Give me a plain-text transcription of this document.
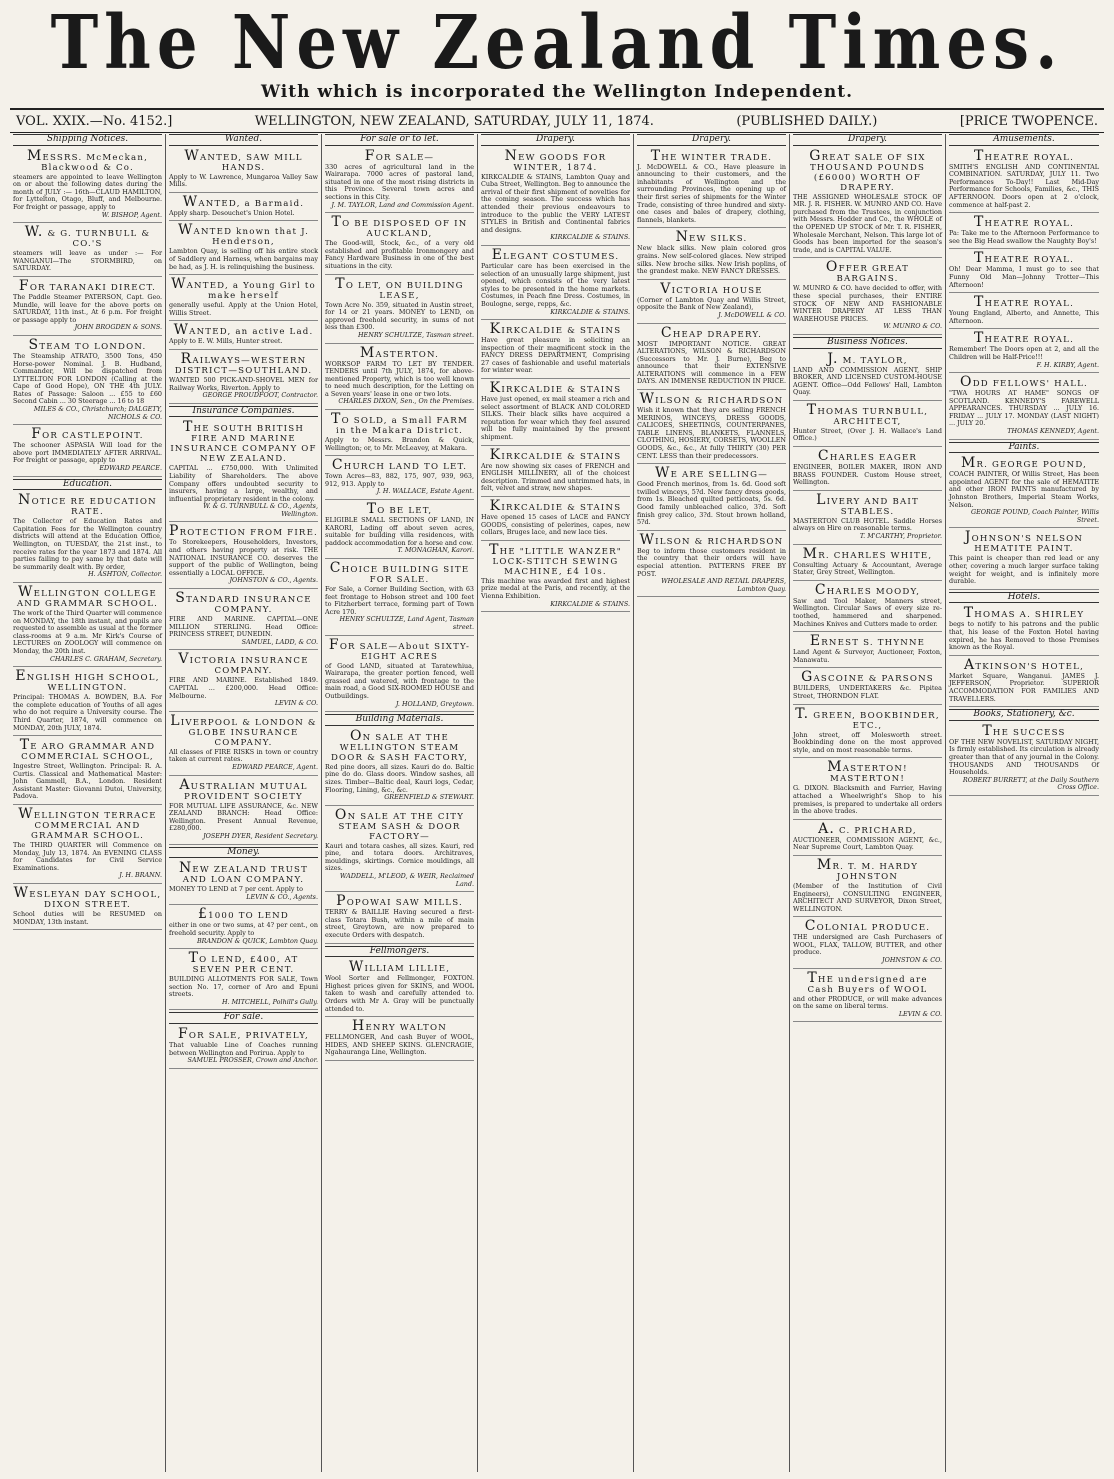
The New Zealand Times.
With which is incorporated the Wellington Independent.
VOL. XXIX.—No. 4152.]	WELLINGTON, NEW ZEALAND, SATURDAY, JULY 11, 1874.	(PUBLISHED DAILY.)	[PRICE TWOPENCE.
Shipping Notices.
MESSRS. McMeckan, Blackwood & Co.
steamers are appointed to leave Wellington on or about the following dates during the month of JULY :— 16th—CLAUD HAMILTON, for Lyttelton, Otago, Bluff, and Melbourne. For freight or passage, apply to
W. BISHOP, Agent.
W. & G. TURNBULL & CO.'S
steamers will leave as under :— For WANGANUI—The STORMBIRD, on SATURDAY.
FOR TARANAKI DIRECT.
The Paddle Steamer PATERSON, Capt. Geo. Mundle, will leave for the above ports on SATURDAY, 11th inst., At 6 p.m. For freight or passage apply to
JOHN BROGDEN & SONS.
STEAM TO LONDON.
The Steamship ATRATO, 3500 Tons, 450 Horse-power Nominal. J. B. Hudband, Commander, Will be dispatched from LYTTELTON FOR LONDON (Calling at the Cape of Good Hope), ON THE 4th JULY. Rates of Passage: Saloon ... £55 to £60 Second Cabin ... 30 Steerage ... 16 to 18
MILES & CO., Christchurch; DALGETY, NICHOLS & CO.
FOR CASTLEPOINT.
The schooner ASPASIA Will load for the above port IMMEDIATELY AFTER ARRIVAL. For freight or passage, apply to
EDWARD PEARCE.
Education.
NOTICE RE EDUCATION RATE.
The Collector of Education Rates and Capitation Fees for the Wellington country districts will attend at the Education Office, Wellington, on TUESDAY, the 21st inst., to receive rates for the year 1873 and 1874. All parties failing to pay same by that date will be summarily dealt with. By order,
H. ASHTON, Collector.
WELLINGTON COLLEGE AND GRAMMAR SCHOOL.
The work of the Third Quarter will commence on MONDAY, the 18th instant, and pupils are requested to assemble as usual at the former class-rooms at 9 a.m. Mr Kirk's Course of LECTURES on ZOOLOGY will commence on Monday, the 20th inst.
CHARLES C. GRAHAM, Secretary.
ENGLISH HIGH SCHOOL, WELLINGTON.
Principal: THOMAS A. BOWDEN, B.A. For the complete education of Youths of all ages who do not require a University course. The Third Quarter, 1874, will commence on MONDAY, 20th JULY, 1874.
TE ARO GRAMMAR AND COMMERCIAL SCHOOL,
Ingestre Street, Wellington. Principal: R. A. Curtis. Classical and Mathematical Master: John Gammell, B.A., London. Resident Assistant Master: Giovanni Dutoi, University, Padova.
WELLINGTON TERRACE COMMERCIAL AND GRAMMAR SCHOOL.
The THIRD QUARTER will Commence on Monday, July 13, 1874. An EVENING CLASS for Candidates for Civil Service Examinations.
J. H. BRANN.
WESLEYAN DAY SCHOOL, DIXON STREET.
School duties will be RESUMED on MONDAY, 13th instant.
Wanted.
WANTED, SAW MILL HANDS.
Apply to W. Lawrence, Mungaroa Valley Saw Mills.
WANTED, a Barmaid.
Apply sharp. Desouchet's Union Hotel.
WANTED known that J. Henderson,
Lambton Quay, is selling off his entire stock of Saddlery and Harness, when bargains may be had, as J. H. is relinquishing the business.
WANTED, a Young Girl to make herself
generally useful. Apply at the Union Hotel, Willis Street.
WANTED, an active Lad.
Apply to E. W. Mills, Hunter street.
RAILWAYS—WESTERN DISTRICT—SOUTHLAND.
WANTED 500 PICK-AND-SHOVEL MEN for Railway Works, Riverton. Apply to
GEORGE PROUDFOOT, Contractor.
Insurance Companies.
THE SOUTH BRITISH FIRE AND MARINE INSURANCE COMPANY OF NEW ZEALAND.
CAPITAL ... £750,000. With Unlimited Liability of Shareholders. The above Company offers undoubted security to insurers, having a large, wealthy, and influential proprietary resident in the colony.
W. & G. TURNBULL & CO., Agents, Wellington.
PROTECTION FROM FIRE.
To Storekeepers, Householders, Investors, and others having property at risk. THE NATIONAL INSURANCE CO. deserves the support of the public of Wellington, being essentially a LOCAL OFFICE.
JOHNSTON & CO., Agents.
STANDARD INSURANCE COMPANY.
FIRE AND MARINE. CAPITAL—ONE MILLION STERLING. Head Office: PRINCESS STREET, DUNEDIN.
SAMUEL, LADD, & CO.
VICTORIA INSURANCE COMPANY.
FIRE AND MARINE. Established 1849. CAPITAL ... £200,000. Head Office: Melbourne.
LEVIN & CO.
LIVERPOOL & LONDON & GLOBE INSURANCE COMPANY.
All classes of FIRE RISKS in town or country taken at current rates.
EDWARD PEARCE, Agent.
AUSTRALIAN MUTUAL PROVIDENT SOCIETY
FOR MUTUAL LIFE ASSURANCE, &c. NEW ZEALAND BRANCH: Head Office: Wellington. Present Annual Revenue, £280,000.
JOSEPH DYER, Resident Secretary.
Money.
NEW ZEALAND TRUST AND LOAN COMPANY.
MONEY TO LEND at 7 per cent. Apply to
LEVIN & CO., Agents.
£1000 TO LEND
either in one or two sums, at 4? per cent., on freehold security. Apply to
BRANDON & QUICK, Lambton Quay.
TO LEND, £400, AT SEVEN PER CENT.
BUILDING ALLOTMENTS FOR SALE, Town section No. 17, corner of Aro and Epuni streets.
H. MITCHELL, Polhill's Gully.
For sale.
FOR SALE, PRIVATELY,
That valuable Line of Coaches running between Wellington and Porirua. Apply to
SAMUEL PROSSER, Crown and Anchor.
For sale or to let.
FOR SALE—
330 acres of agricultural land in the Wairarapa. 7000 acres of pastoral land, situated in one of the most rising districts in this Province. Several town acres and sections in this City.
J. M. TAYLOR, Land and Commission Agent.
TO BE DISPOSED OF IN AUCKLAND,
The Good-will, Stock, &c., of a very old established and profitable Ironmongery and Fancy Hardware Business in one of the best situations in the city.
TO LET, ON BUILDING LEASE,
Town Acre No. 359, situated in Austin street, for 14 or 21 years. MONEY to LEND, on approved freehold security, in sums of not less than £300.
HENRY SCHULTZE, Tasman street.
MASTERTON.
WORKSOP FARM TO LET BY TENDER. TENDERS until 7th JULY, 1874, for above-mentioned Property, which is too well known to need much description, for the Letting on a Seven years' lease in one or two lots.
CHARLES DIXON, Sen., On the Premises.
TO SOLD, a Small FARM in the Makara District.
Apply to Messrs. Brandon & Quick, Wellington; or, to Mr. McLeavey, at Makara.
CHURCH LAND TO LET.
Town Acres—83, 882, 175, 907, 939, 963, 912, 913. Apply to
J. H. WALLACE, Estate Agent.
TO BE LET,
ELIGIBLE SMALL SECTIONS OF LAND, IN KARORI, Lading off about seven acres, suitable for building villa residences, with paddock accommodation for a horse and cow.
T. MONAGHAN, Karori.
CHOICE BUILDING SITE FOR SALE.
For Sale, a Corner Building Section, with 63 feet frontage to Hobson street and 100 feet to Fitzherbert terrace, forming part of Town Acre 170.
HENRY SCHULTZE, Land Agent, Tasman street.
FOR SALE—About SIXTY-EIGHT ACRES
of Good LAND, situated at Taratewhiua, Wairarapa, the greater portion fenced, well grassed and watered, with frontage to the main road, a Good SIX-ROOMED HOUSE and Outbuildings.
J. HOLLAND, Greytown.
Building Materials.
ON SALE AT THE WELLINGTON STEAM DOOR & SASH FACTORY,
Red pine doors, all sizes. Kauri do do. Baltic pine do do. Glass doors. Window sashes, all sizes. Timber—Baltic deal, Kauri logs, Cedar, Flooring, Lining, &c., &c.
GREENFIELD & STEWART.
ON SALE AT THE CITY STEAM SASH & DOOR FACTORY—
Kauri and totara cashes, all sizes. Kauri, red pine, and totara doors. Architraves, mouldings, skirtings. Cornice mouldings, all sizes.
WADDELL, M'LEOD, & WEIR, Reclaimed Land.
POPOWAI SAW MILLS.
TERRY & BAILLIE Having secured a first-class Totara Bush, within a mile of main street, Greytown, are now prepared to execute Orders with despatch.
Fellmongers.
WILLIAM LILLIE,
Wool Sorter and Fellmonger, FOXTON. Highest prices given for SKINS, and WOOL taken to wash and carefully attended to. Orders with Mr A. Gray will be punctually attended to.
HENRY WALTON
FELLMONGER, And cash Buyer of WOOL, HIDES, AND SHEEP SKINS. GLENCRAGIE, Ngahauranga Line, Wellington.
Drapery.
NEW GOODS FOR WINTER, 1874.
KIRKCALDIE & STAINS, Lambton Quay and Cuba Street, Wellington. Beg to announce the arrival of their first shipment of novelties for the coming season. The success which has attended their previous endeavours to introduce to the public the VERY LATEST STYLES in British and Continental fabrics and designs.
KIRKCALDIE & STAINS.
ELEGANT COSTUMES.
Particular care has been exercised in the selection of an unusually large shipment, just opened, which consists of the very latest styles to be presented in the home markets. Costumes, in Peach fine Dress. Costumes, in Boulogne, serge, repps, &c.
KIRKCALDIE & STAINS.
KIRKCALDIE & STAINS
Have great pleasure in soliciting an inspection of their magnificent stock in the FANCY DRESS DEPARTMENT, Comprising 27 cases of fashionable and useful materials for winter wear.
KIRKCALDIE & STAINS
Have just opened, ex mail steamer a rich and select assortment of BLACK AND COLORED SILKS. Their black silks have acquired a reputation for wear which they feel assured will be fully maintained by the present shipment.
KIRKCALDIE & STAINS
Are now showing six cases of FRENCH and ENGLISH MILLINERY, all of the choicest description. Trimmed and untrimmed hats, in felt, velvet and straw, new shapes.
KIRKCALDIE & STAINS
Have opened 15 cases of LACE and FANCY GOODS, consisting of pelerines, capes, new collars, Bruges lace, and new lace ties.
THE "LITTLE WANZER" LOCK-STITCH SEWING MACHINE, £4 10s.
This machine was awarded first and highest prize medal at the Paris, and recently, at the Vienna Exhibition.
KIRKCALDIE & STAINS.
Drapery.
THE WINTER TRADE.
J. McDOWELL & CO., Have pleasure in announcing to their customers, and the inhabitants of Wellington and the surrounding Provinces, the opening up of their first series of shipments for the Winter Trade, consisting of three hundred and sixty-one cases and bales of drapery, clothing, flannels, blankets.
NEW SILKS.
New black silks. New plain colored gros grains. New self-colored glaces. New striped silks. New broche silks. New Irish poplins, of the grandest make. NEW FANCY DRESSES.
VICTORIA HOUSE
(Corner of Lambton Quay and Willis Street, opposite the Bank of New Zealand),
J. McDOWELL & CO.
CHEAP DRAPERY.
MOST IMPORTANT NOTICE. GREAT ALTERATIONS, WILSON & RICHARDSON (Successors to Mr. J. Burne), Beg to announce that their EXTENSIVE ALTERATIONS will commence in a FEW DAYS. AN IMMENSE REDUCTION IN PRICE.
WILSON & RICHARDSON
Wish it known that they are selling FRENCH MERINOS, WINCEYS, DRESS GOODS, CALICOES, SHEETINGS, COUNTERPANES, TABLE LINENS, BLANKETS, FLANNELS, CLOTHING, HOSIERY, CORSETS, WOOLLEN GOODS, &c., &c., At fully THIRTY (30) PER CENT. LESS than their predecessors.
WE ARE SELLING—
Good French merinos, from 1s. 6d. Good soft twilled winceys, 5?d. New fancy dress goods, from 1s. Bleached quilted petticoats, 5s. 6d. Good family unbleached calico, 3?d. Soft finish grey calico, 3?d. Stout brown holland, 5?d.
WILSON & RICHARDSON
Beg to inform those customers resident in the country that their orders will have especial attention. PATTERNS FREE BY POST.
WHOLESALE AND RETAIL DRAPERS, Lambton Quay.
Drapery.
GREAT SALE OF SIX THOUSAND POUNDS (£6000) WORTH OF DRAPERY.
THE ASSIGNED WHOLESALE STOCK OF MR. J. R. FISHER. W. MUNRO AND CO. Have purchased from the Trustees, in conjunction with Messrs. Hodder and Co., the WHOLE of the OPENED UP STOCK of Mr. T. R. FISHER, Wholesale Merchant, Nelson. This large lot of Goods has been imported for the season's trade, and is CAPITAL VALUE.
OFFER GREAT BARGAINS.
W. MUNRO & CO. have decided to offer, with these special purchases, their ENTIRE STOCK OF NEW AND FASHIONABLE WINTER DRAPERY AT LESS THAN WAREHOUSE PRICES.
W. MUNRO & CO.
Business Notices.
J. M. TAYLOR,
LAND AND COMMISSION AGENT, SHIP BROKER, AND LICENSED CUSTOM-HOUSE AGENT. Office—Odd Fellows' Hall, Lambton Quay.
THOMAS TURNBULL, ARCHITECT,
Hunter Street, (Over J. H. Wallace's Land Office.)
CHARLES EAGER
ENGINEER, BOILER MAKER, IRON AND BRASS FOUNDER. Custom House street, Wellington.
LIVERY AND BAIT STABLES.
MASTERTON CLUB HOTEL. Saddle Horses always on Hire on reasonable terms.
T. M'CARTHY, Proprietor.
MR. CHARLES WHITE,
Consulting Actuary & Accountant, Average Stater, Grey Street, Wellington.
CHARLES MOODY,
Saw and Tool Maker, Manners street, Wellington. Circular Saws of every size re-toothed, hammered and sharpened. Machines Knives and Cutters made to order.
ERNEST S. THYNNE
Land Agent & Surveyor, Auctioneer, Foxton, Manawatu.
GASCOINE & PARSONS
BUILDERS, UNDERTAKERS &c. Pipitea Street, THORNDON FLAT.
T. GREEN, BOOKBINDER, ETC.,
John street, off Molesworth street. Bookbinding done on the most approved style, and on most reasonable terms.
MASTERTON! MASTERTON!
G. DIXON. Blacksmith and Farrier, Having attached a Wheelwright's Shop to his premises, is prepared to undertake all orders in the above trades.
A. C. PRICHARD,
AUCTIONEER, COMMISSION AGENT, &c., Near Supreme Court, Lambton Quay.
MR. T. M. HARDY JOHNSTON
(Member of the Institution of Civil Engineers), CONSULTING ENGINEER, ARCHITECT AND SURVEYOR, Dixon Street, WELLINGTON.
COLONIAL PRODUCE.
THE undersigned are Cash Purchasers of WOOL, FLAX, TALLOW, BUTTER, and other produce.
JOHNSTON & CO.
THE undersigned are Cash Buyers of WOOL
and other PRODUCE, or will make advances on the same on liberal terms.
LEVIN & CO.
Amusements.
THEATRE ROYAL.
SMITH'S ENGLISH AND CONTINENTAL COMBINATION. SATURDAY, JULY 11. Two Performances To-Day!! Last Mid-Day Performance for Schools, Families, &c., THIS AFTERNOON. Doors open at 2 o'clock, commence at half-past 2.
THEATRE ROYAL.
Pa: Take me to the Afternoon Performance to see the Big Head swallow the Naughty Boy's!
THEATRE ROYAL.
Oh! Dear Mamma, I must go to see that Funny Old Man—Johnny Trotter—This Afternoon!
THEATRE ROYAL.
Young England, Alberto, and Annette, This Afternoon.
THEATRE ROYAL.
Remember! The Doors open at 2, and all the Children will be Half-Price!!!
F. H. KIRBY, Agent.
ODD FELLOWS' HALL.
"TWA HOURS AT HAME" SONGS OF SCOTLAND. KENNEDY'S FAREWELL APPEARANCES. THURSDAY ... JULY 16. FRIDAY ... JULY 17. MONDAY (LAST NIGHT) ... JULY 20.
THOMAS KENNEDY, Agent.
Paints.
MR. GEORGE POUND,
COACH PAINTER, Of Willis Street, Has been appointed AGENT for the sale of HEMATITE and other IRON PAINTS manufactured by Johnston Brothers, Imperial Steam Works, Nelson.
GEORGE POUND, Coach Painter, Willis Street.
JOHNSON'S NELSON HEMATITE PAINT.
This paint is cheaper than red lead or any other, covering a much larger surface taking weight for weight, and is infinitely more durable.
Hotels.
THOMAS A. SHIRLEY
begs to notify to his patrons and the public that, his lease of the Foxton Hotel having expired, he has Removed to those Premises known as the Royal.
ATKINSON'S HOTEL,
Market Square, Wanganui. JAMES J. JEFFERSON, Proprietor. SUPERIOR ACCOMMODATION FOR FAMILIES AND TRAVELLERS.
Books, Stationery, &c.
THE SUCCESS
OF THE NEW NOVELIST, SATURDAY NIGHT, Is firmly established. Its circulation is already greater than that of any journal in the Colony. THOUSANDS AND THOUSANDS Of Households.
ROBERT BURRETT, at the Daily Southern Cross Office.
